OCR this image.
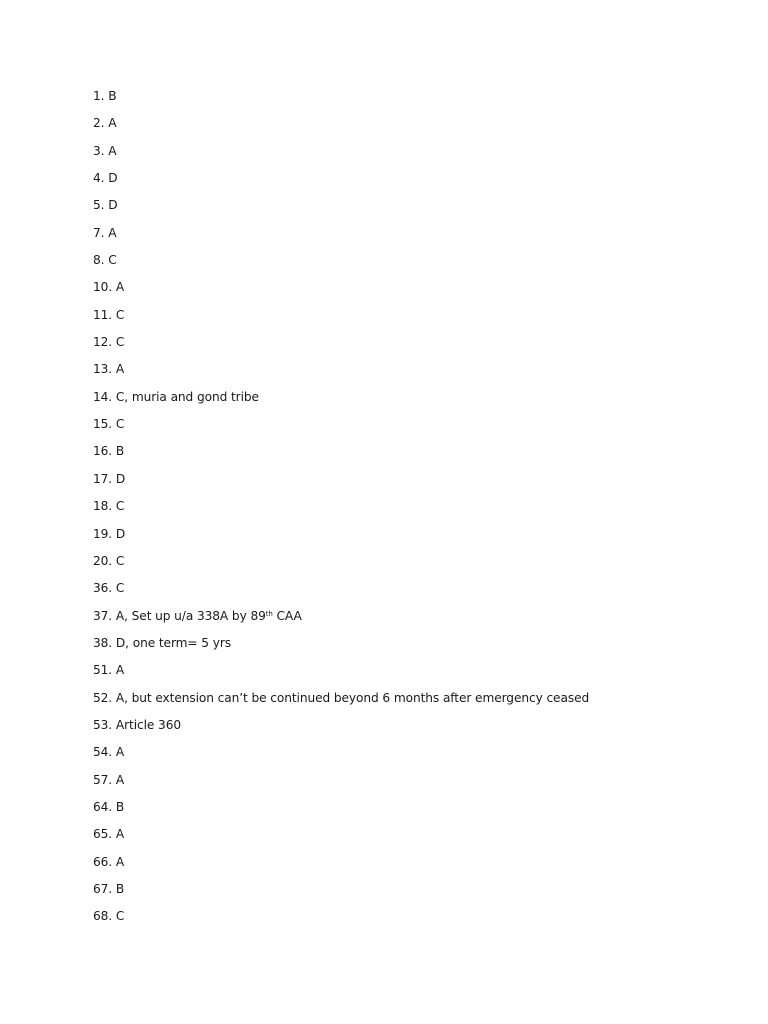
1. B
2. A
3. A
4. D
5. D
7. A
8. C
10. A
11. C
12. C
13. A
14. C, muria and gond tribe
15. C
16. B
17. D
18. C
19. D
20. C
36. C
37. A, Set up u/a 338A by 89th CAA
38. D, one term= 5 yrs
51. A
52. A, but extension can’t be continued beyond 6 months after emergency ceased
53. Article 360
54. A
57. A
64. B
65. A
66. A
67. B
68. C
